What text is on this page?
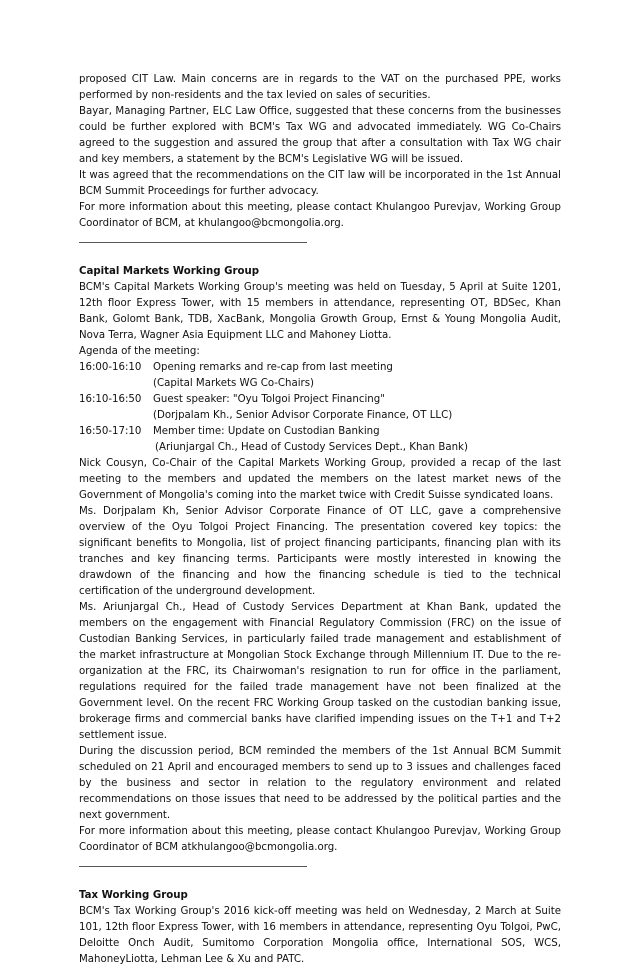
proposed CIT Law. Main concerns are in regards to the VAT on the purchased PPE, works performed by non-residents and the tax levied on sales of securities.

Bayar, Managing Partner, ELC Law Office, suggested that these concerns from the businesses could be further explored with BCM's Tax WG and advocated immediately. WG Co-Chairs agreed to the suggestion and assured the group that after a consultation with Tax WG chair and key members, a statement by the BCM's Legislative WG will be issued.

It was agreed that the recommendations on the CIT law will be incorporated in the 1st Annual BCM Summit Proceedings for further advocacy.

For more information about this meeting, please contact Khulangoo Purevjav, Working Group Coordinator of BCM, at khulangoo@bcmongolia.org.

Capital Markets Working Group

BCM's Capital Markets Working Group's meeting was held on Tuesday, 5 April at Suite 1201, 12th floor Express Tower, with 15 members in attendance, representing OT, BDSec, Khan Bank, Golomt Bank, TDB, XacBank, Mongolia Growth Group, Ernst & Young Mongolia Audit, Nova Terra, Wagner Asia Equipment LLC and Mahoney Liotta.

Agenda of the meeting:

16:00-16:10	Opening remarks and re-cap from last meeting

(Capital Markets WG Co-Chairs)

16:10-16:50	Guest speaker: "Oyu Tolgoi Project Financing"

(Dorjpalam Kh., Senior Advisor Corporate Finance, OT LLC)

16:50-17:10	Member time: Update on Custodian Banking

(Ariunjargal Ch., Head of Custody Services Dept., Khan Bank)

Nick Cousyn, Co-Chair of the Capital Markets Working Group, provided a recap of the last meeting to the members and updated the members on the latest market news of the Government of Mongolia's coming into the market twice with Credit Suisse syndicated loans.

Ms. Dorjpalam Kh, Senior Advisor Corporate Finance of OT LLC, gave a comprehensive overview of the Oyu Tolgoi Project Financing. The presentation covered key topics: the significant benefits to Mongolia, list of project financing participants, financing plan with its tranches and key financing terms. Participants were mostly interested in knowing the drawdown of the financing and how the financing schedule is tied to the technical certification of the underground development.

Ms. Ariunjargal Ch., Head of Custody Services Department at Khan Bank, updated the members on the engagement with Financial Regulatory Commission (FRC) on the issue of Custodian Banking Services, in particularly failed trade management and establishment of the market infrastructure at Mongolian Stock Exchange through Millennium IT. Due to the re-organization at the FRC, its Chairwoman's resignation to run for office in the parliament, regulations required for the failed trade management have not been finalized at the Government level. On the recent FRC Working Group tasked on the custodian banking issue, brokerage firms and commercial banks have clarified impending issues on the T+1 and T+2 settlement issue.

During the discussion period, BCM reminded the members of the 1st Annual BCM Summit scheduled on 21 April and encouraged members to send up to 3 issues and challenges faced by the business and sector in relation to the regulatory environment and related recommendations on those issues that need to be addressed by the political parties and the next government.

For more information about this meeting, please contact Khulangoo Purevjav, Working Group Coordinator of BCM atkhulangoo@bcmongolia.org.

Tax Working Group

BCM's Tax Working Group's 2016 kick-off meeting was held on Wednesday, 2 March at Suite 101, 12th floor Express Tower, with 16 members in attendance, representing Oyu Tolgoi, PwC, Deloitte Onch Audit, Sumitomo Corporation Mongolia office, International SOS, WCS, MahoneyLiotta, Lehman Lee & Xu and PATC.
